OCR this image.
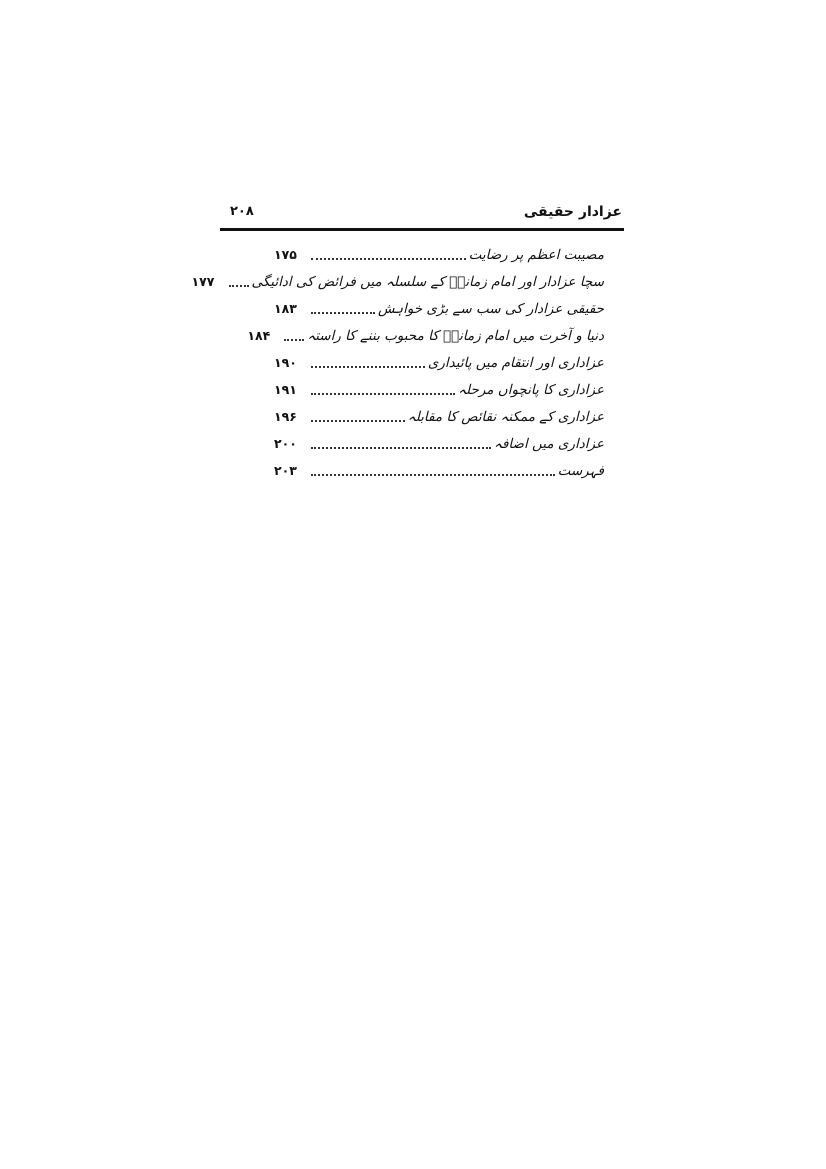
عزادار حقیقی
۲۰۸
مصیبت اعظم پر رضایت
۱۷۵
سچا عزادار اور امام زمانہؑ کے سلسلہ میں فرائض کی ادائیگی
۱۷۷
حقیقی عزادار کی سب سے بڑی خواہش
۱۸۳
دنیا و آخرت میں امام زمانہؑ کا محبوب بننے کا راستہ
۱۸۴
عزاداری اور انتقام میں پائیداری
۱۹۰
عزاداری کا پانچواں مرحلہ
۱۹۱
عزاداری کے ممکنہ نقائص کا مقابلہ
۱۹۶
عزاداری میں اضافہ
۲۰۰
فہرست
۲۰۳
